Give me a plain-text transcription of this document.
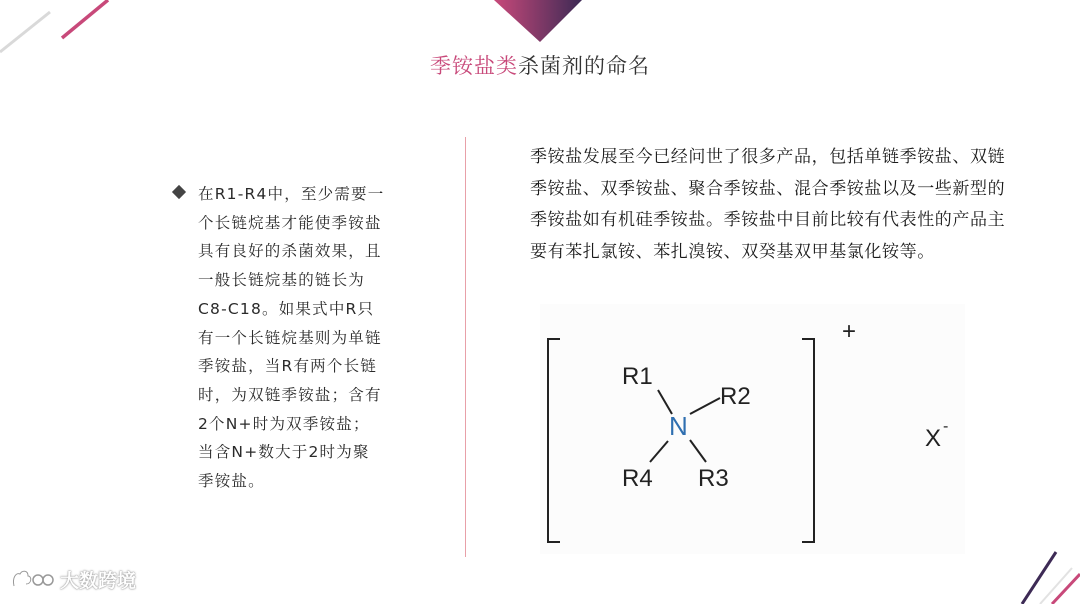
季铵盐类杀菌剂的命名
在R1-R4中，至少需要一个长链烷基才能使季铵盐具有良好的杀菌效果，且一般长链烷基的链长为C8-C18。如果式中R只有一个长链烷基则为单链季铵盐，当R有两个长链时，为双链季铵盐；含有2个N+时为双季铵盐；当含N+数大于2时为聚季铵盐。
季铵盐发展至今已经问世了很多产品，包括单链季铵盐、双链季铵盐、双季铵盐、聚合季铵盐、混合季铵盐以及一些新型的季铵盐如有机硅季铵盐。季铵盐中目前比较有代表性的产品主要有苯扎氯铵、苯扎溴铵、双癸基双甲基氯化铵等。
+
R1
R2
N
R4 R3
X -
大数跨境
